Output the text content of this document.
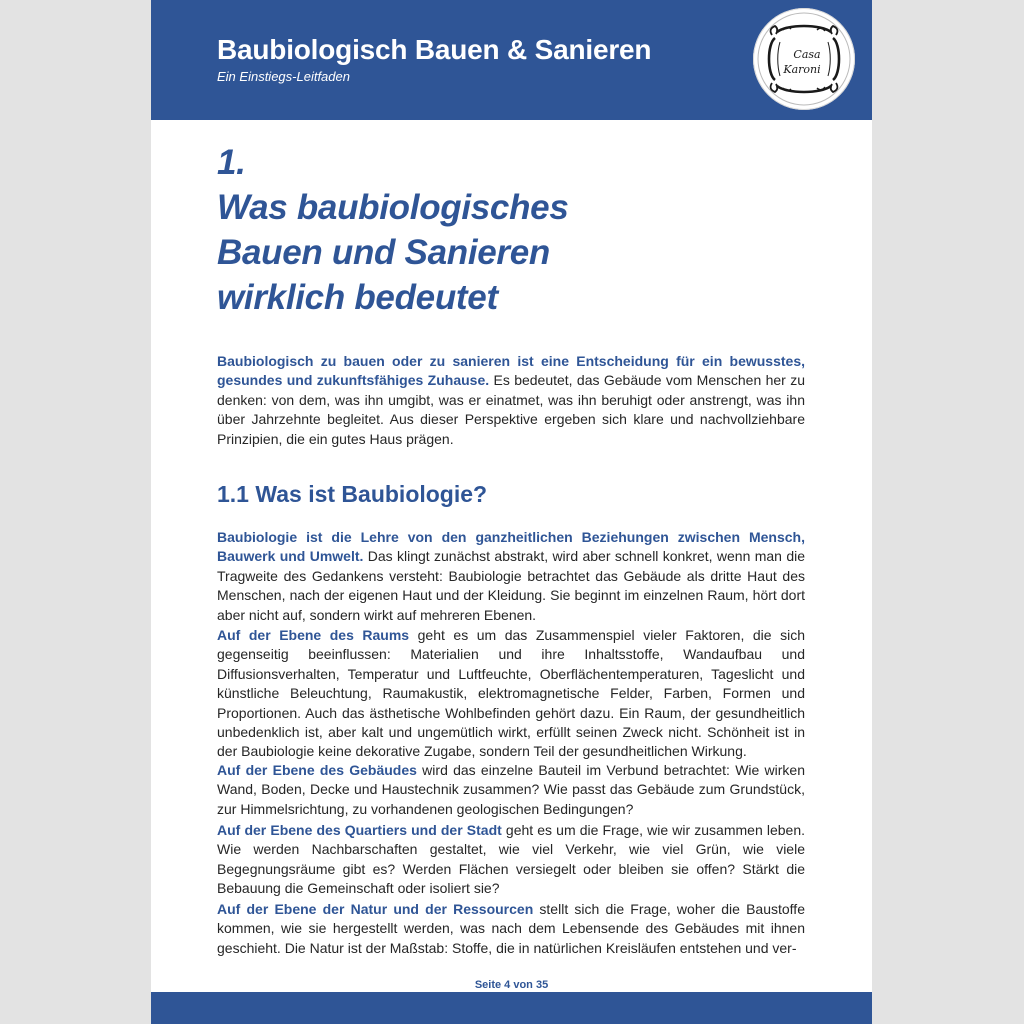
Baubiologisch Bauen & Sanieren
Ein Einstiegs-Leitfaden
Casa
Karoni
1.
Was baubiologisches
Bauen und Sanieren
wirklich bedeutet

Baubiologisch zu bauen oder zu sanieren ist eine Entscheidung für ein bewusstes, gesundes und zukunftsfähiges Zuhause. Es bedeutet, das Gebäude vom Menschen her zu denken: von dem, was ihn umgibt, was er einatmet, was ihn beruhigt oder anstrengt, was ihn über Jahrzehnte begleitet. Aus dieser Perspektive ergeben sich klare und nachvollziehbare Prinzipien, die ein gutes Haus prägen.

1.1 Was ist Baubiologie?

Baubiologie ist die Lehre von den ganzheitlichen Beziehungen zwischen Mensch, Bauwerk und Umwelt. Das klingt zunächst abstrakt, wird aber schnell konkret, wenn man die Tragweite des Gedankens versteht: Baubiologie betrachtet das Gebäude als dritte Haut des Menschen, nach der eigenen Haut und der Kleidung. Sie beginnt im einzelnen Raum, hört dort aber nicht auf, sondern wirkt auf mehreren Ebenen.

Auf der Ebene des Raums geht es um das Zusammenspiel vieler Faktoren, die sich gegenseitig beeinflussen: Materialien und ihre Inhaltsstoffe, Wandaufbau und Diffusionsverhalten, Temperatur und Luftfeuchte, Oberflächentemperaturen, Tageslicht und künstliche Beleuchtung, Raumakustik, elektromagnetische Felder, Farben, Formen und Proportionen. Auch das ästhetische Wohlbefinden gehört dazu. Ein Raum, der gesundheitlich unbedenklich ist, aber kalt und ungemütlich wirkt, erfüllt seinen Zweck nicht. Schönheit ist in der Baubiologie keine dekorative Zugabe, sondern Teil der gesundheitlichen Wirkung.

Auf der Ebene des Gebäudes wird das einzelne Bauteil im Verbund betrachtet: Wie wirken Wand, Boden, Decke und Haustechnik zusammen? Wie passt das Gebäude zum Grundstück, zur Himmelsrichtung, zu vorhandenen geologischen Bedingungen?

Auf der Ebene des Quartiers und der Stadt geht es um die Frage, wie wir zusammen leben. Wie werden Nachbarschaften gestaltet, wie viel Verkehr, wie viel Grün, wie viele Begegnungsräume gibt es? Werden Flächen versiegelt oder bleiben sie offen? Stärkt die Bebauung die Gemeinschaft oder isoliert sie?

Auf der Ebene der Natur und der Ressourcen stellt sich die Frage, woher die Baustoffe kommen, wie sie hergestellt werden, was nach dem Lebensende des Gebäudes mit ihnen geschieht. Die Natur ist der Maßstab: Stoffe, die in natürlichen Kreisläufen entstehen und ver-

Seite 4 von 35
